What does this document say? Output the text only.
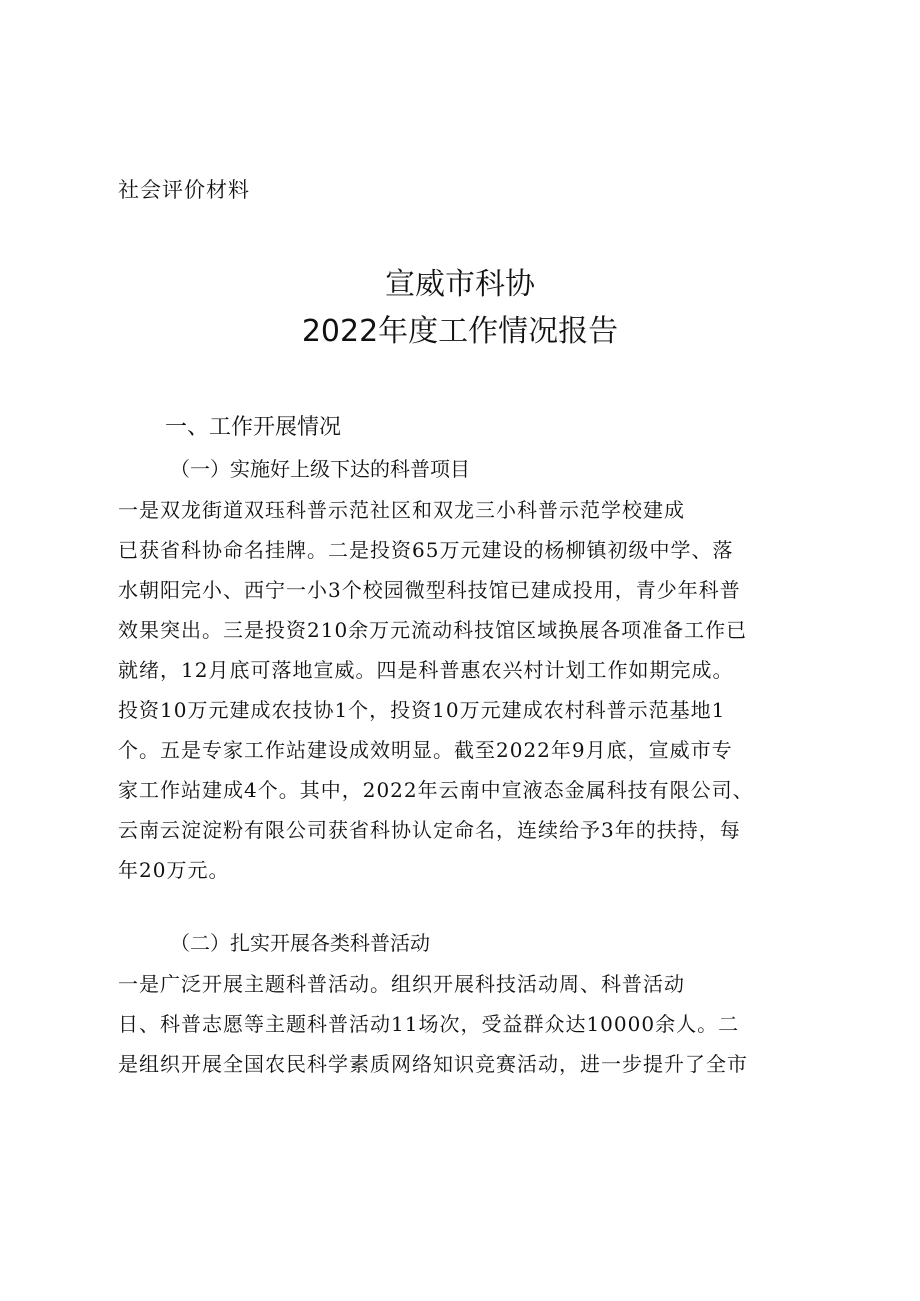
社会评价材料
宣威市科协
2022年度工作情况报告
一、工作开展情况
（一）实施好上级下达的科普项目
一是双龙街道双珏科普示范社区和双龙三小科普示范学校建成
已获省科协命名挂牌。二是投资65万元建设的杨柳镇初级中学、落
水朝阳完小、西宁一小3个校园微型科技馆已建成投用，青少年科普
效果突出。三是投资210余万元流动科技馆区域换展各项准备工作已
就绪，12月底可落地宣威。四是科普惠农兴村计划工作如期完成。
投资10万元建成农技协1个，投资10万元建成农村科普示范基地1
个。五是专家工作站建设成效明显。截至2022年9月底，宣威市专
家工作站建成4个。其中，2022年云南中宣液态金属科技有限公司、
云南云淀淀粉有限公司获省科协认定命名，连续给予3年的扶持，每
年20万元。
（二）扎实开展各类科普活动
一是广泛开展主题科普活动。组织开展科技活动周、科普活动
日、科普志愿等主题科普活动11场次，受益群众达10000余人。二
是组织开展全国农民科学素质网络知识竞赛活动，进一步提升了全市
